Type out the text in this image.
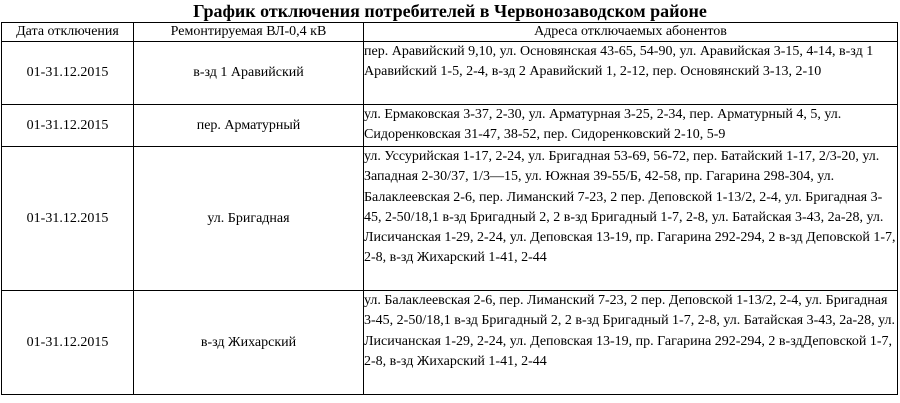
График отключения потребителей в Червонозаводском районе
Дата отключения	Ремонтируемая ВЛ-0,4 кВ	Адреса отключаемых абонентов
01-31.12.2015	в-зд 1 Аравийский	пер. Аравийский 9,10, ул. Основянская 43-65, 54-90, ул. Аравийская 3-15, 4-14, в-зд 1 Аравийский 1-5, 2-4, в-зд 2 Аравийский 1, 2-12, пер. Основянский 3-13, 2-10
01-31.12.2015	пер. Арматурный	ул. Ермаковская 3-37, 2-30, ул. Арматурная 3-25, 2-34, пер. Арматурный 4, 5, ул. Сидоренковская 31-47, 38-52, пер. Сидоренковский 2-10, 5-9
01-31.12.2015	ул. Бригадная	ул. Уссурийская 1-17, 2-24, ул. Бригадная 53-69, 56-72, пер. Батайский 1-17, 2/3-20, ул. Западная 2-30/37, 1/3—15, ул. Южная 39-55/Б, 42-58, пр. Гагарина 298-304, ул. Балаклеевская 2-6, пер. Лиманский 7-23, 2 пер. Деповской 1-13/2, 2-4, ул. Бригадная 3-45, 2-50/18,1 в-зд Бригадный 2, 2 в-зд Бригадный 1-7, 2-8, ул. Батайская 3-43, 2а-28, ул. Лисичанская 1-29, 2-24, ул. Деповская 13-19, пр. Гагарина 292-294, 2 в-зд Деповской 1-7, 2-8, в-зд Жихарский 1-41, 2-44
01-31.12.2015	в-зд Жихарский	ул. Балаклеевская 2-6, пер. Лиманский 7-23, 2 пер. Деповской 1-13/2, 2-4, ул. Бригадная 3-45, 2-50/18,1 в-зд Бригадный 2, 2 в-зд Бригадный 1-7, 2-8, ул. Батайская 3-43, 2а-28, ул. Лисичанская 1-29, 2-24, ул. Деповская 13-19, пр. Гагарина 292-294, 2 в-здДеповской 1-7, 2-8, в-зд Жихарский 1-41, 2-44
